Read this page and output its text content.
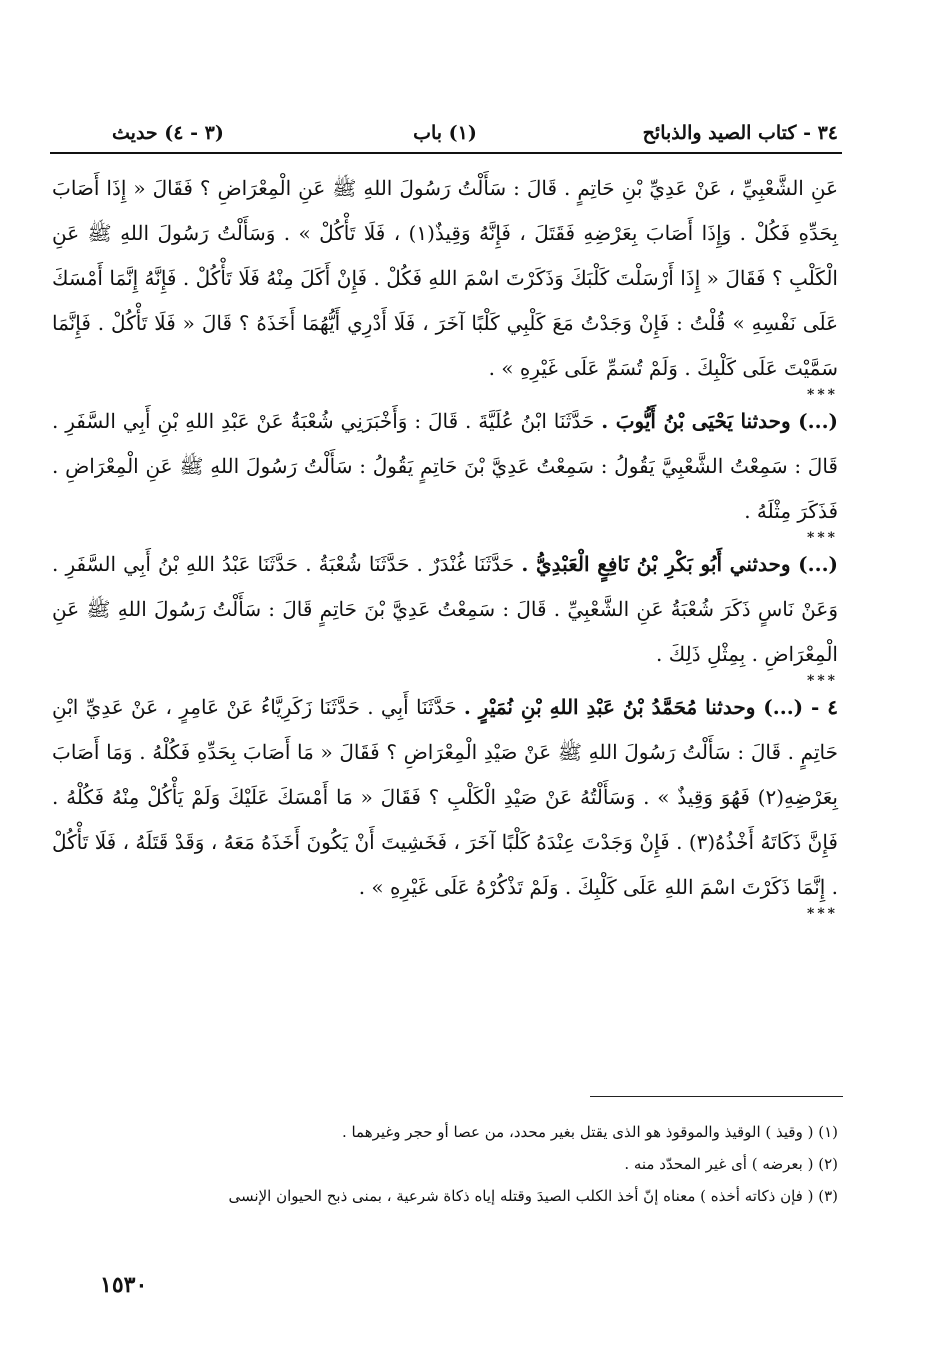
٣٤ - كتاب الصيد والذبائح
(١) باب
(٣ - ٤) حديث

عَنِ الشَّعْبِيِّ ، عَنْ عَدِيِّ بْنِ حَاتِمٍ . قَالَ : سَأَلْتُ رَسُولَ اللهِ ﷺ عَنِ الْمِعْرَاضِ ؟ فَقَالَ « إِذَا أَصَابَ بِحَدِّهِ فَكُلْ . وَإِذَا أَصَابَ بِعَرْضِهِ فَقَتَلَ ، فَإِنَّهُ وَقِيذٌ(١) ، فَلَا تَأْكُلْ » . وَسَأَلْتُ رَسُولَ اللهِ ﷺ عَنِ الْكَلْبِ ؟ فَقَالَ « إِذَا أَرْسَلْتَ كَلْبَكَ وَذَكَرْتَ اسْمَ اللهِ فَكُلْ . فَإِنْ أَكَلَ مِنْهُ فَلَا تَأْكُلْ . فَإِنَّهُ إِنَّمَا أَمْسَكَ عَلَى نَفْسِهِ » قُلْتُ : فَإِنْ وَجَدْتُ مَعَ كَلْبِي كَلْبًا آخَرَ ، فَلَا أَدْرِي أَيُّهُمَا أَخَذَهُ ؟ قَالَ « فَلَا تَأْكُلْ . فَإِنَّمَا سَمَّيْتَ عَلَى كَلْبِكَ . وَلَمْ تُسَمِّ عَلَى غَيْرِهِ » .

***

(...) وحدثنا يَحْيَى بْنُ أَيُّوبَ . حَدَّثَنَا ابْنُ عُلَيَّةَ . قَالَ : وَأَخْبَرَنِي شُعْبَةُ عَنْ عَبْدِ اللهِ بْنِ أَبِي السَّفَرِ . قَالَ : سَمِعْتُ الشَّعْبِيَّ يَقُولُ : سَمِعْتُ عَدِيَّ بْنَ حَاتِمٍ يَقُولُ : سَأَلْتُ رَسُولَ اللهِ ﷺ عَنِ الْمِعْرَاضِ . فَذَكَرَ مِثْلَهُ .

***

(...) وحدثني أَبُو بَكْرِ بْنُ نَافِعٍ الْعَبْدِيُّ . حَدَّثَنَا غُنْدَرٌ . حَدَّثَنَا شُعْبَةُ . حَدَّثَنَا عَبْدُ اللهِ بْنُ أَبِي السَّفَرِ . وَعَنْ نَاسٍ ذَكَرَ شُعْبَةُ عَنِ الشَّعْبِيِّ . قَالَ : سَمِعْتُ عَدِيَّ بْنَ حَاتِمٍ قَالَ : سَأَلْتُ رَسُولَ اللهِ ﷺ عَنِ الْمِعْرَاضِ . بِمِثْلِ ذَلِكَ .

***

٤ - (...) وحدثنا مُحَمَّدُ بْنُ عَبْدِ اللهِ بْنِ نُمَيْرٍ . حَدَّثَنَا أَبِي . حَدَّثَنَا زَكَرِيَّاءُ عَنْ عَامِرٍ ، عَنْ عَدِيِّ ابْنِ حَاتِمٍ . قَالَ : سَأَلْتُ رَسُولَ اللهِ ﷺ عَنْ صَيْدِ الْمِعْرَاضِ ؟ فَقَالَ « مَا أَصَابَ بِحَدِّهِ فَكُلْهُ . وَمَا أَصَابَ بِعَرْضِهِ(٢) فَهُوَ وَقِيذٌ » . وَسَأَلْتُهُ عَنْ صَيْدِ الْكَلْبِ ؟ فَقَالَ « مَا أَمْسَكَ عَلَيْكَ وَلَمْ يَأْكُلْ مِنْهُ فَكُلْهُ . فَإِنَّ ذَكَاتَهُ أَخْذُهُ(٣) . فَإِنْ وَجَدْتَ عِنْدَهُ كَلْبًا آخَرَ ، فَخَشِيتَ أَنْ يَكُونَ أَخَذَهُ مَعَهُ ، وَقَدْ قَتَلَهُ ، فَلَا تَأْكُلْ . إِنَّمَا ذَكَرْتَ اسْمَ اللهِ عَلَى كَلْبِكَ . وَلَمْ تَذْكُرْهُ عَلَى غَيْرِهِ » .

***

(١) ( وقيذ ) الوقيذ والموقوذ هو الذى يقتل بغير محدد، من عصا أو حجر وغيرهما .

(٢) ( بعرضه ) أى غير المحدّد منه .

(٣) ( فإن ذكاته أخذه ) معناه إنّ أخذ الكلب الصيدَ وقتله إياه ذكاة شرعية ، بمنى ذبح الحيوان الإنسى

١٥٣٠
